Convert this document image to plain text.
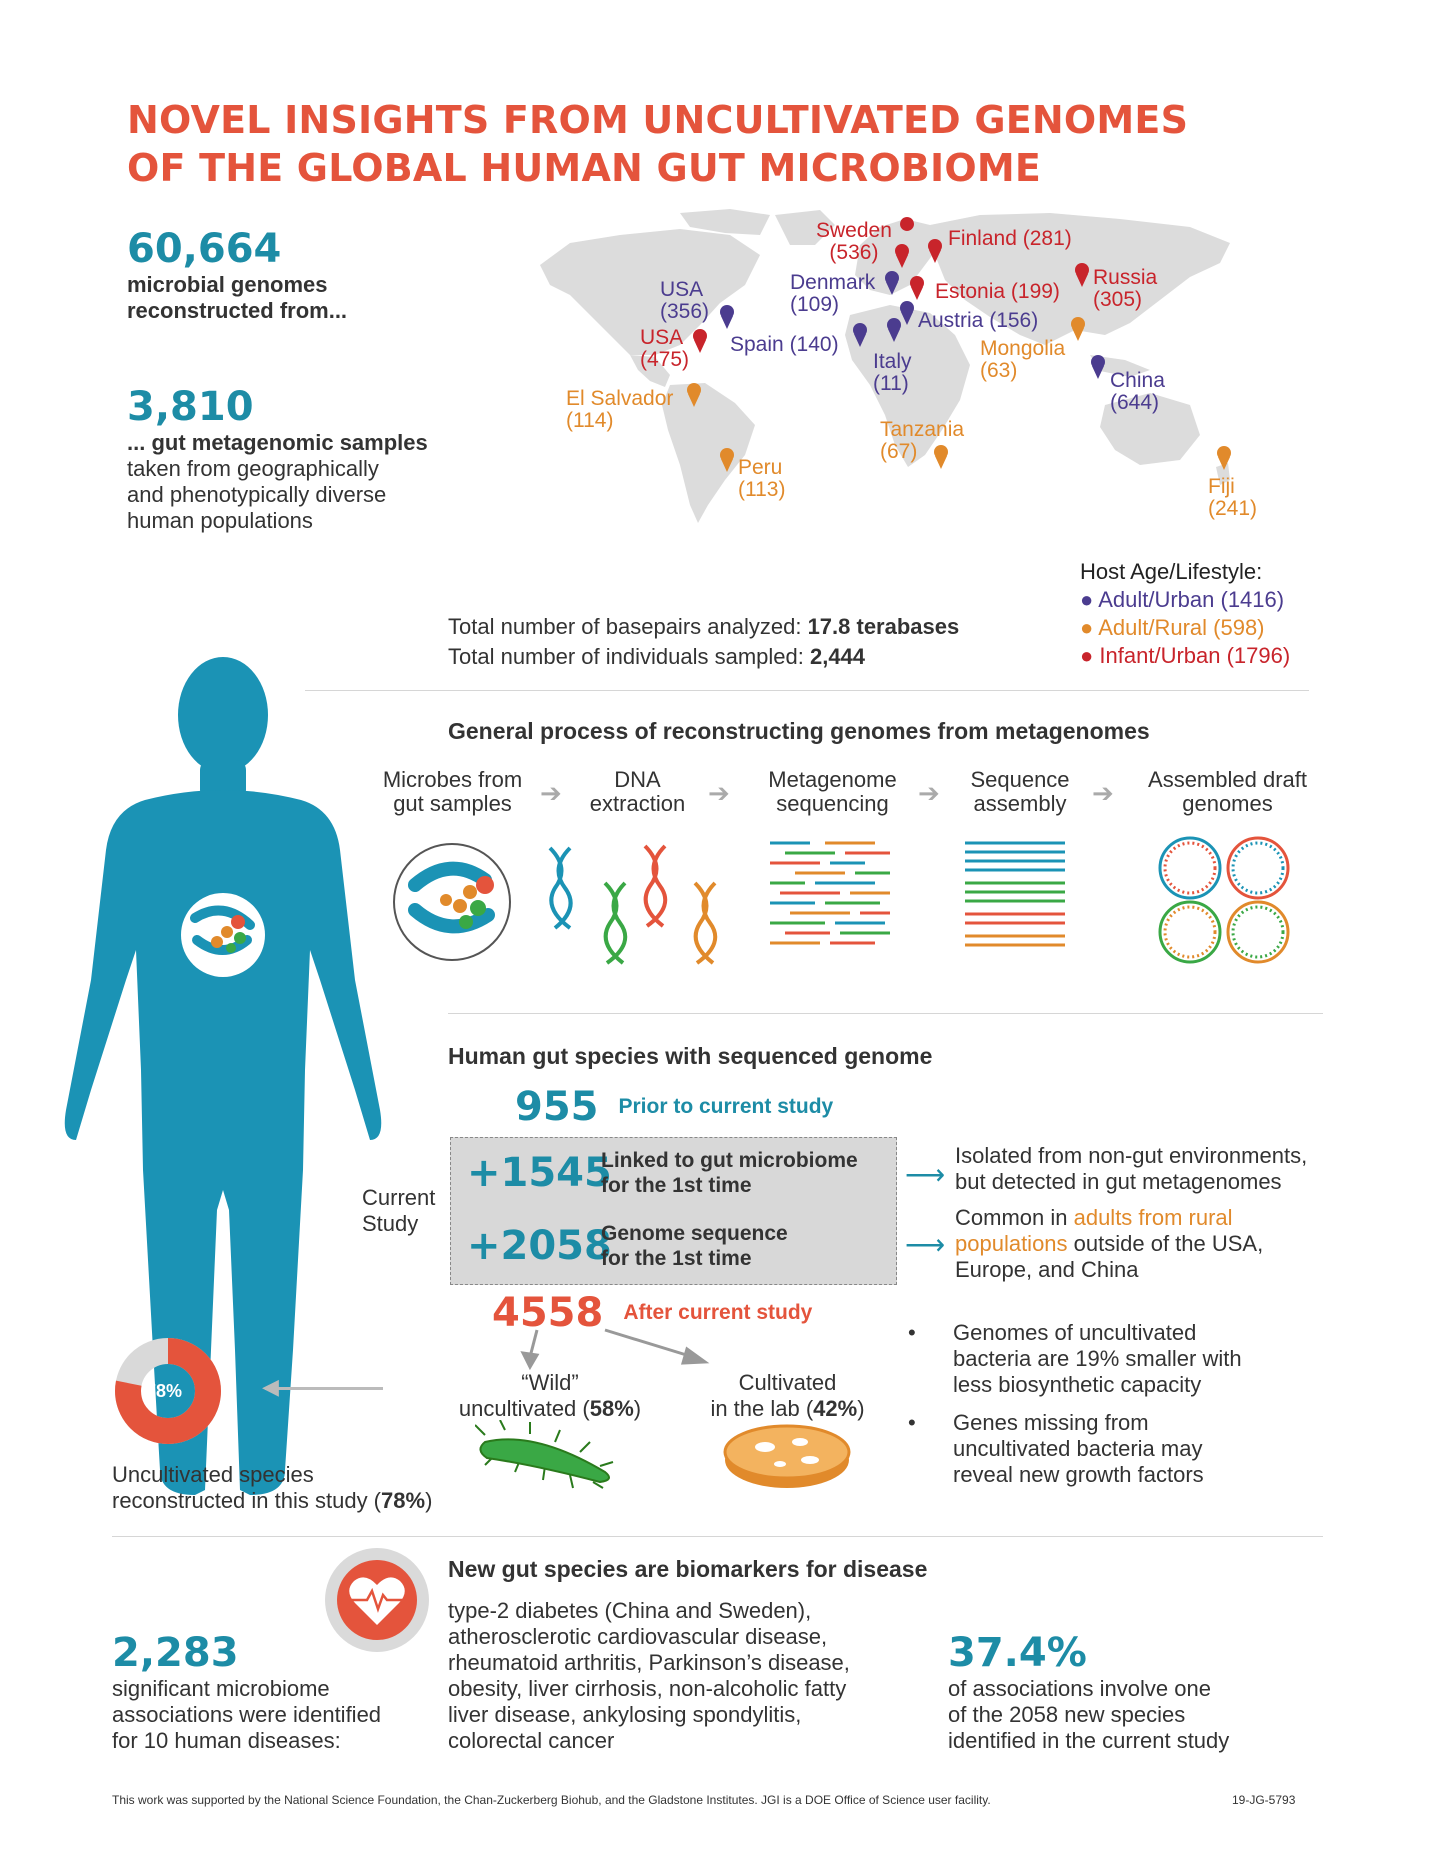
NOVEL INSIGHTS FROM UNCULTIVATED GENOMES
OF THE GLOBAL HUMAN GUT MICROBIOME
60,664
microbial genomes
reconstructed from...
3,810
... gut metagenomic samples
taken from geographically
and phenotypically diverse
human populations
Sweden
(536)
Finland (281)
Denmark
(109)
Estonia (199)
Russia
(305)
USA
(356)	Austria (156)
USA
(475)
Spain (140)	Mongolia
(63)
Italy
(11)	China
(644)
El Salvador
(114)	Tanzania
(67)
Peru
(113)	Fiji
(241)
Host Age/Lifestyle:
● Adult/Urban (1416)
● Adult/Rural (598)
● Infant/Urban (1796)
Total number of basepairs analyzed: 17.8 terabases
Total number of individuals sampled: 2,444
General process of reconstructing genomes from metagenomes
Microbes from
gut samples	➔	DNA
extraction ➔	Metagenome
sequencing	➔	Sequence
assembly ➔	Assembled draft
genomes
Human gut species with sequenced genome
955 Prior to current study
Current
Study
+1545
Linked to gut microbiome
for the 1st time
+2058
Genome sequence
for the 1st time
⟶
⟶
Isolated from non-gut environments,
but detected in gut metagenomes
Common in adults from rural
populations outside of the USA,
Europe, and China
4558 After current study
“Wild”
uncultivated (58%)
Cultivated
in the lab (42%)
•	Genomes of uncultivated
bacteria are 19% smaller with
less biosynthetic capacity
•	Genes missing from
uncultivated bacteria may
reveal new growth factors
78%	◀
Uncultivated species
reconstructed in this study (78%)
New gut species are biomarkers for disease
2,283
significant microbiome
associations were identified
for 10 human diseases:
type-2 diabetes (China and Sweden),
atherosclerotic cardiovascular disease,
rheumatoid arthritis, Parkinson’s disease,
obesity, liver cirrhosis, non-alcoholic fatty
liver disease, ankylosing spondylitis,
colorectal cancer
37.4%
of associations involve one
of the 2058 new species
identified in the current study
This work was supported by the National Science Foundation, the Chan-Zuckerberg Biohub, and the Gladstone Institutes. JGI is a DOE Office of Science user facility.	19-JG-5793
